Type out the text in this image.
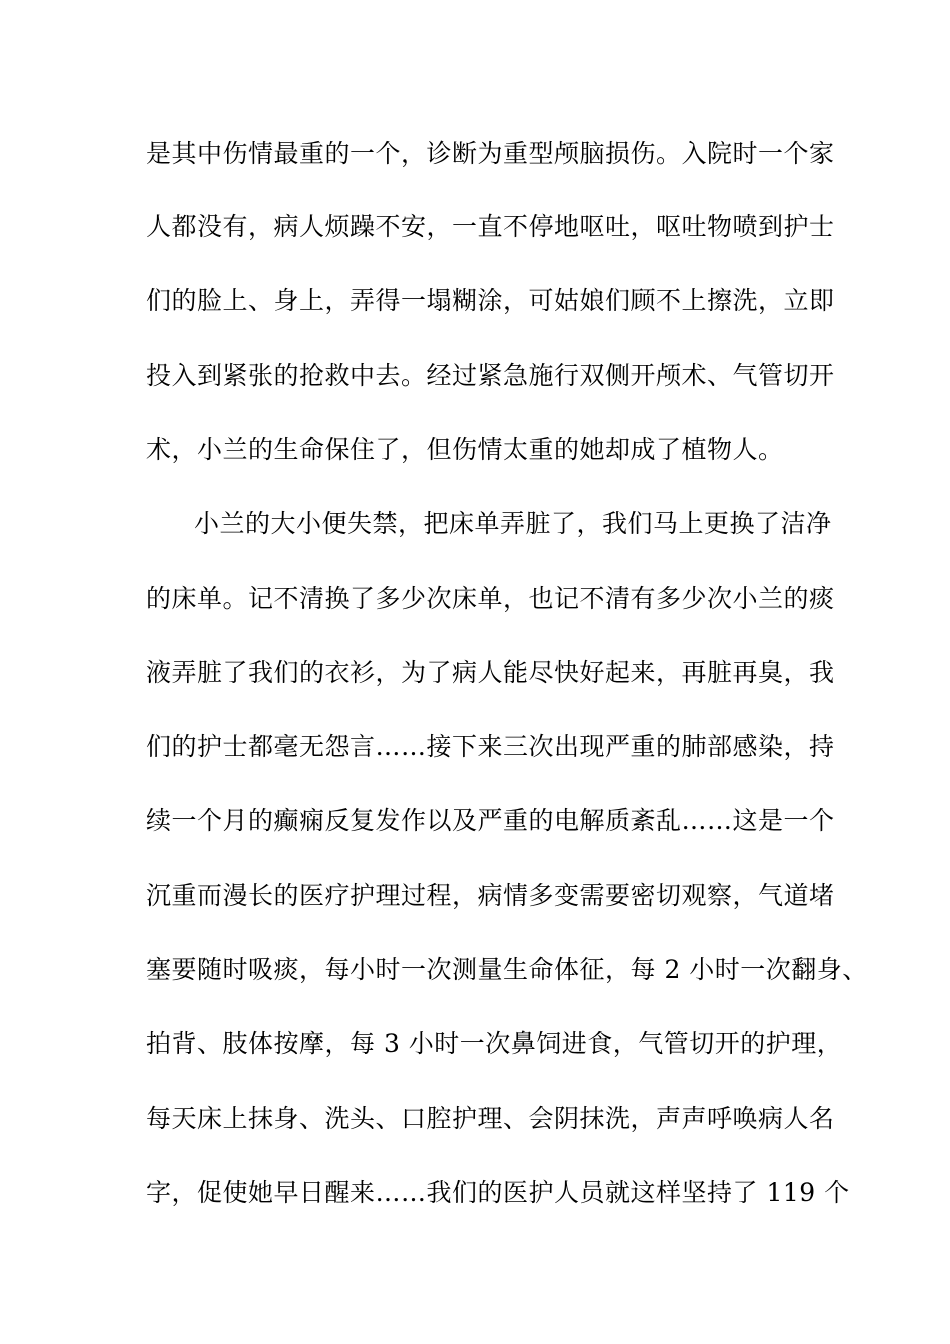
是其中伤情最重的一个，诊断为重型颅脑损伤。入院时一个家
人都没有，病人烦躁不安，一直不停地呕吐，呕吐物喷到护士
们的脸上、身上，弄得一塌糊涂，可姑娘们顾不上擦洗，立即
投入到紧张的抢救中去。经过紧急施行双侧开颅术、气管切开
术，小兰的生命保住了，但伤情太重的她却成了植物人。
小兰的大小便失禁，把床单弄脏了，我们马上更换了洁净
的床单。记不清换了多少次床单，也记不清有多少次小兰的痰
液弄脏了我们的衣衫，为了病人能尽快好起来，再脏再臭，我
们的护士都毫无怨言……接下来三次出现严重的肺部感染，持
续一个月的癫痫反复发作以及严重的电解质紊乱……这是一个
沉重而漫长的医疗护理过程，病情多变需要密切观察，气道堵
塞要随时吸痰，每小时一次测量生命体征，每 2 小时一次翻身、
拍背、肢体按摩，每 3 小时一次鼻饲进食，气管切开的护理，
每天床上抹身、洗头、口腔护理、会阴抹洗，声声呼唤病人名
字，促使她早日醒来……我们的医护人员就这样坚持了 119 个
